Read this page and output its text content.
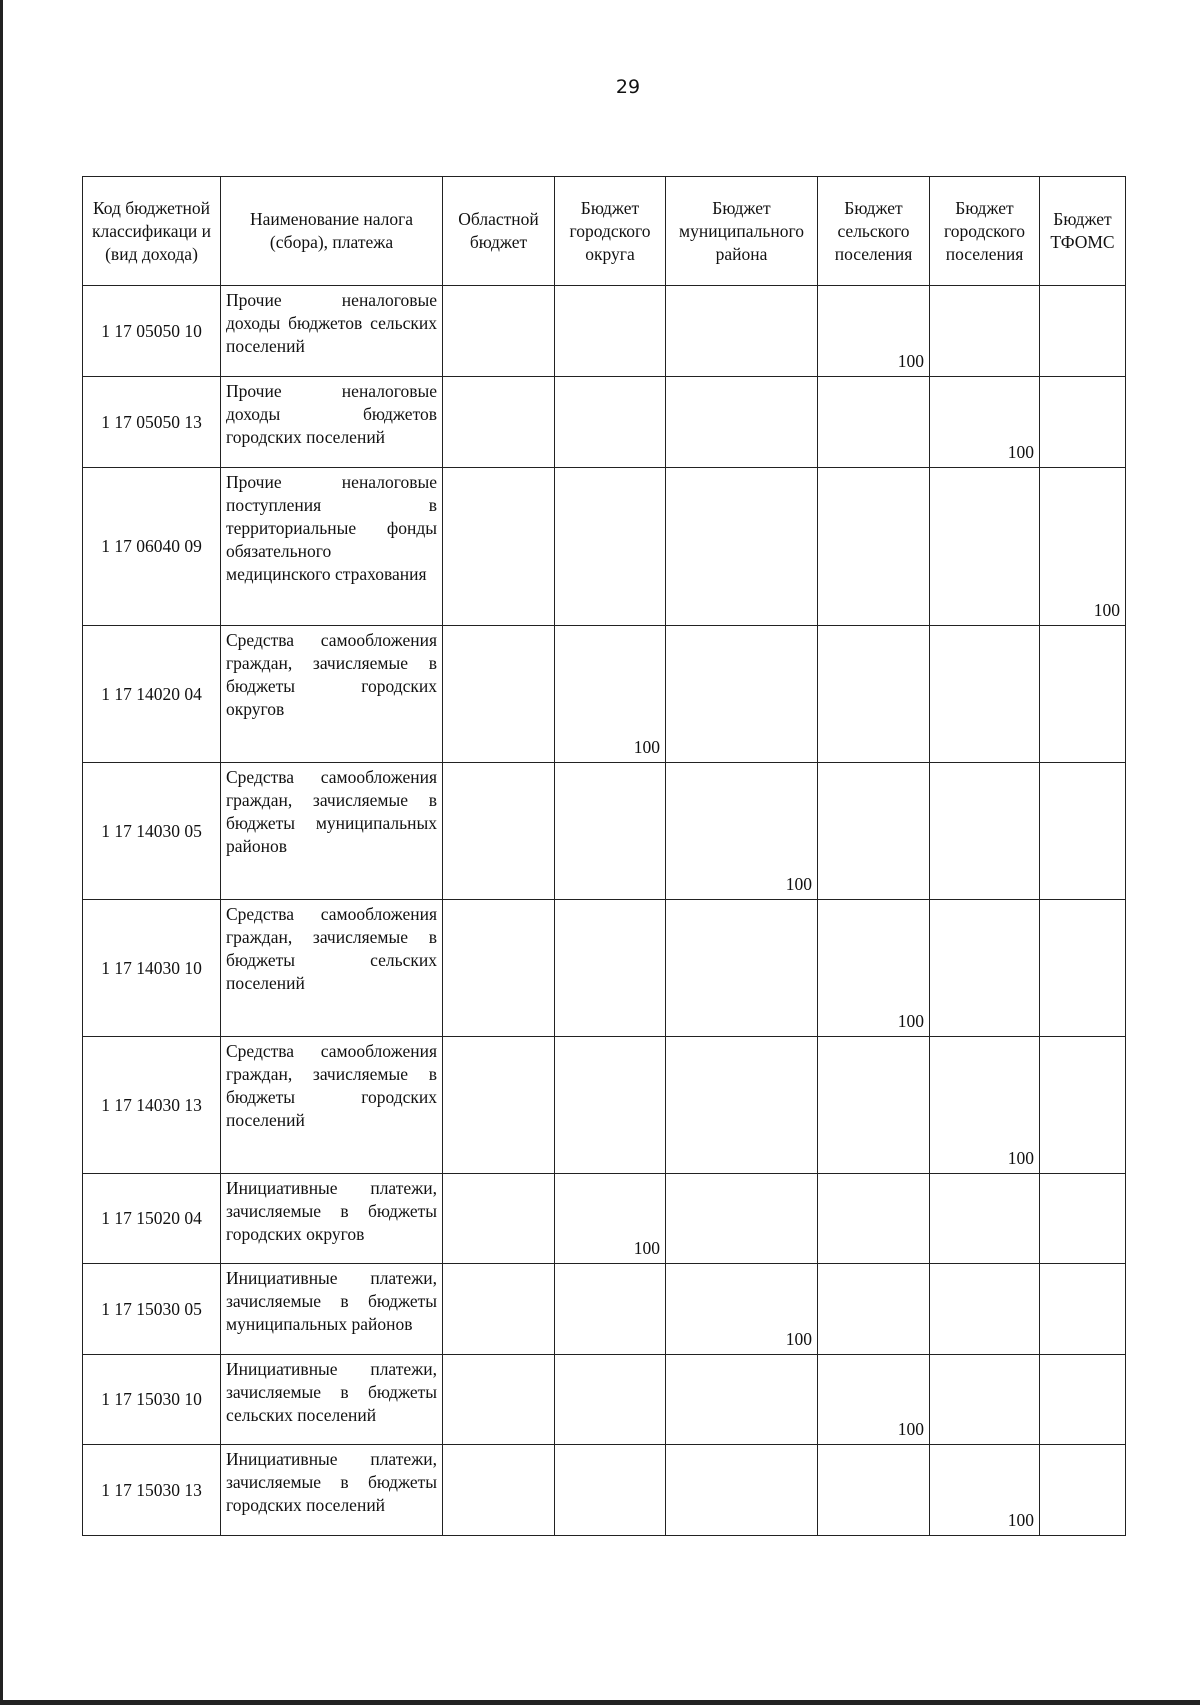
29
Код бюджетной классификаци и (вид дохода)	Наименование налога (сбора), платежа	Областной бюджет	Бюджет городского округа	Бюджет муниципального района	Бюджет сельского поселения	Бюджет городского поселения	Бюджет ТФОМС
1 17 05050 10	Прочие неналоговые доходы бюджетов сельских поселений				100		
1 17 05050 13	Прочие неналоговые доходы бюджетов городских поселений					100	
1 17 06040 09	Прочие неналоговые поступления в территориальные фонды обязательного медицинского страхования						100
1 17 14020 04	Средства самообложения граждан, зачисляемые в бюджеты городских округов		100				
1 17 14030 05	Средства самообложения граждан, зачисляемые в бюджеты муниципальных районов			100			
1 17 14030 10	Средства самообложения граждан, зачисляемые в бюджеты сельских поселений				100		
1 17 14030 13	Средства самообложения граждан, зачисляемые в бюджеты городских поселений					100	
1 17 15020 04	Инициативные платежи, зачисляемые в бюджеты городских округов		100				
1 17 15030 05	Инициативные платежи, зачисляемые в бюджеты муниципальных районов			100			
1 17 15030 10	Инициативные платежи, зачисляемые в бюджеты сельских поселений				100		
1 17 15030 13	Инициативные платежи, зачисляемые в бюджеты городских поселений					100	
